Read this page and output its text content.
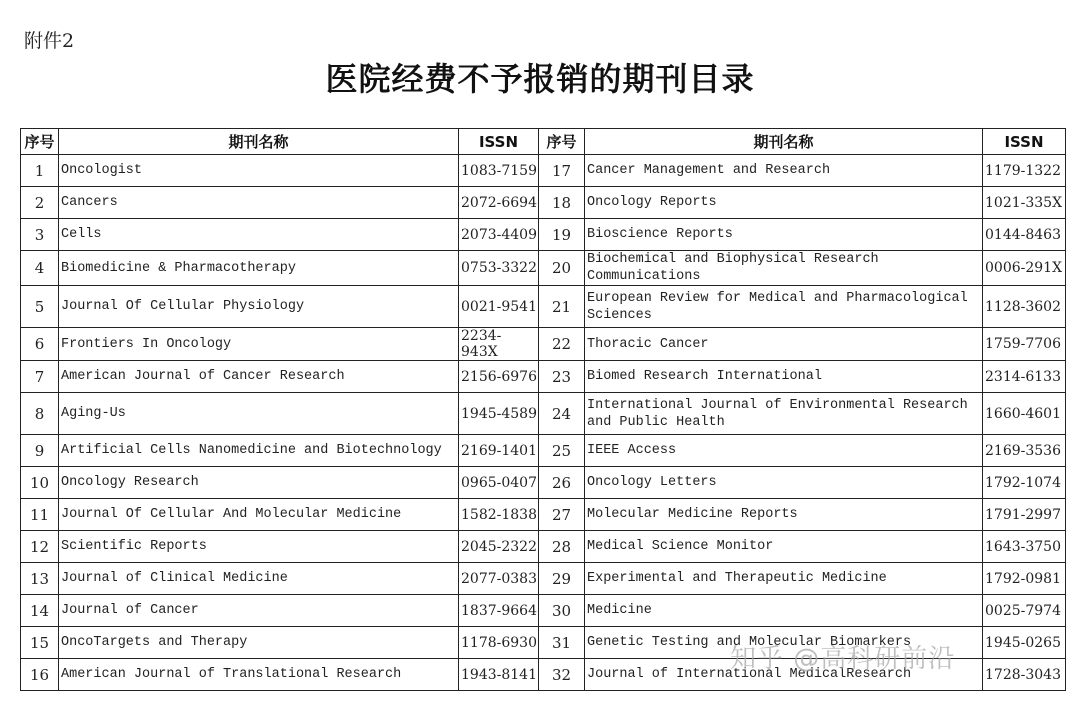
附件2
医院经费不予报销的期刊目录
序号	期刊名称	ISSN	序号	期刊名称	ISSN
1	Oncologist	1083-7159	17	Cancer Management and Research	1179-1322
2	Cancers	2072-6694	18	Oncology Reports	1021-335X
3	Cells	2073-4409	19	Bioscience Reports	0144-8463
4	Biomedicine & Pharmacotherapy	0753-3322	20	Biochemical and Biophysical Research Communications	0006-291X
5	Journal Of Cellular Physiology	0021-9541	21	European Review for Medical and Pharmacological Sciences	1128-3602
6	Frontiers In Oncology	2234-943X	22	Thoracic Cancer	1759-7706
7	American Journal of Cancer Research	2156-6976	23	Biomed Research International	2314-6133
8	Aging-Us	1945-4589	24	International Journal of Environmental Research and Public Health	1660-4601
9	Artificial Cells Nanomedicine and Biotechnology	2169-1401	25	IEEE Access	2169-3536
10	Oncology Research	0965-0407	26	Oncology Letters	1792-1074
11	Journal Of Cellular And Molecular Medicine	1582-1838	27	Molecular Medicine Reports	1791-2997
12	Scientific Reports	2045-2322	28	Medical Science Monitor	1643-3750
13	Journal of Clinical Medicine	2077-0383	29	Experimental and Therapeutic Medicine	1792-0981
14	Journal of Cancer	1837-9664	30	Medicine	0025-7974
15	OncoTargets and Therapy	1178-6930	31	Genetic Testing and Molecular Biomarkers	1945-0265
16	American Journal of Translational Research	1943-8141	32	Journal of International MedicalResearch	1728-3043
知乎 @高科研前沿
